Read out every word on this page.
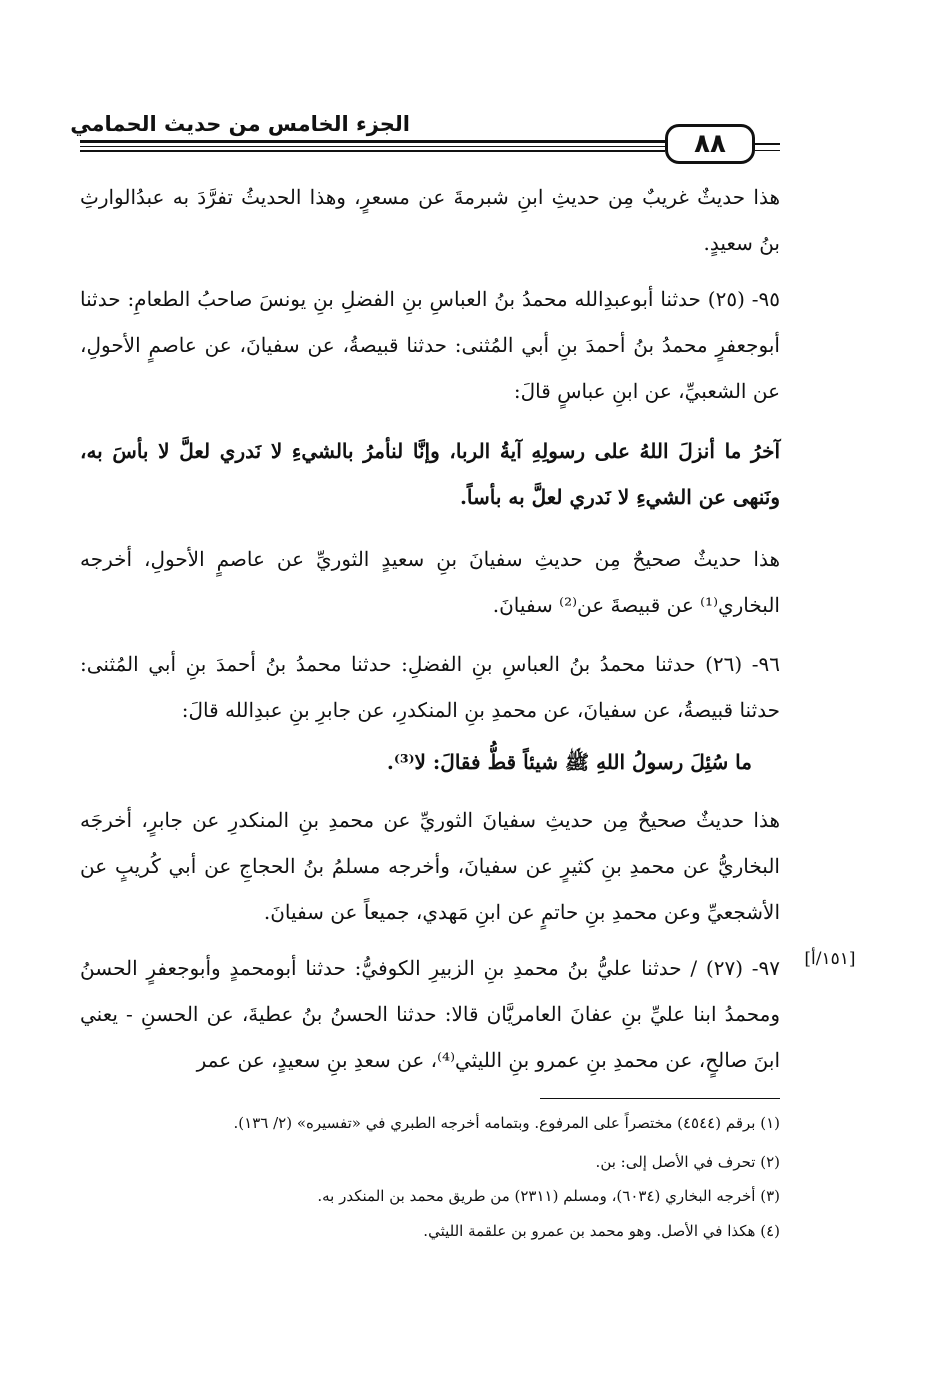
الجزء الخامس من حديث الحمامي
٨٨
هذا حديثٌ غريبٌ مِن حديثِ ابنِ شبرمةَ عن مسعرٍ، وهذا الحديثُ تفرَّدَ به عبدُالوارثِ بنُ سعيدٍ.
٩٥- (٢٥) حدثنا أبوعبدِالله محمدُ بنُ العباسِ بنِ الفضلِ بنِ يونسَ صاحبُ الطعامِ: حدثنا أبوجعفرٍ محمدُ بنُ أحمدَ بنِ أبي المُثنى: حدثنا قبيصةُ، عن سفيانَ، عن عاصمٍ الأحولِ، عن الشعبيِّ، عن ابنِ عباسٍ قالَ:
آخرُ ما أنزلَ اللهُ على رسولِهِ آيةُ الربا، وإنَّا لنأمرُ بالشيءِ لا نَدري لعلَّ لا بأسَ به، ونَنهى عن الشيءِ لا نَدري لعلَّ به بأساً.
هذا حديثٌ صحيحٌ مِن حديثِ سفيانَ بنِ سعيدٍ الثوريِّ عن عاصمٍ الأحولِ، أخرجه البخاري⁽¹⁾ عن قبيصةَ عن⁽²⁾ سفيانَ.
٩٦- (٢٦) حدثنا محمدُ بنُ العباسِ بنِ الفضلِ: حدثنا محمدُ بنُ أحمدَ بنِ أبي المُثنى: حدثنا قبيصةُ، عن سفيانَ، عن محمدِ بنِ المنكدرِ، عن جابرِ بنِ عبدِالله قالَ:
ما سُئِلَ رسولُ اللهِ ﷺ شيئاً قطُّ فقالَ: لا⁽³⁾.
هذا حديثٌ صحيحٌ مِن حديثِ سفيانَ الثوريِّ عن محمدِ بنِ المنكدرِ عن جابرٍ، أخرجَه البخاريُّ عن محمدِ بنِ كثيرٍ عن سفيانَ، وأخرجه مسلمُ بنُ الحجاجِ عن أبي كُريبٍ عن الأشجعيِّ وعن محمدِ بنِ حاتمٍ عن ابنِ مَهدي، جميعاً عن سفيانَ.
٩٧- (٢٧) / حدثنا عليُّ بنُ محمدِ بنِ الزبيرِ الكوفيُّ: حدثنا أبومحمدٍ وأبوجعفرٍ الحسنُ ومحمدُ ابنا عليِّ بنِ عفانَ العامريَّان قالا: حدثنا الحسنُ بنُ عطيةَ، عن الحسنِ - يعني ابنَ صالحٍ، عن محمدِ بنِ عمرو بنِ الليثي⁽⁴⁾، عن سعدِ بنِ سعيدٍ، عن عمر
[١٥١/أ]
(١) برقم (٤٥٤٤) مختصراً على المرفوع. وبتمامه أخرجه الطبري في «تفسيره» (٢/ ١٣٦).
(٢) تحرف في الأصل إلى: بن.
(٣) أخرجه البخاري (٦٠٣٤)، ومسلم (٢٣١١) من طريق محمد بن المنكدر به.
(٤) هكذا في الأصل. وهو محمد بن عمرو بن علقمة الليثي.
